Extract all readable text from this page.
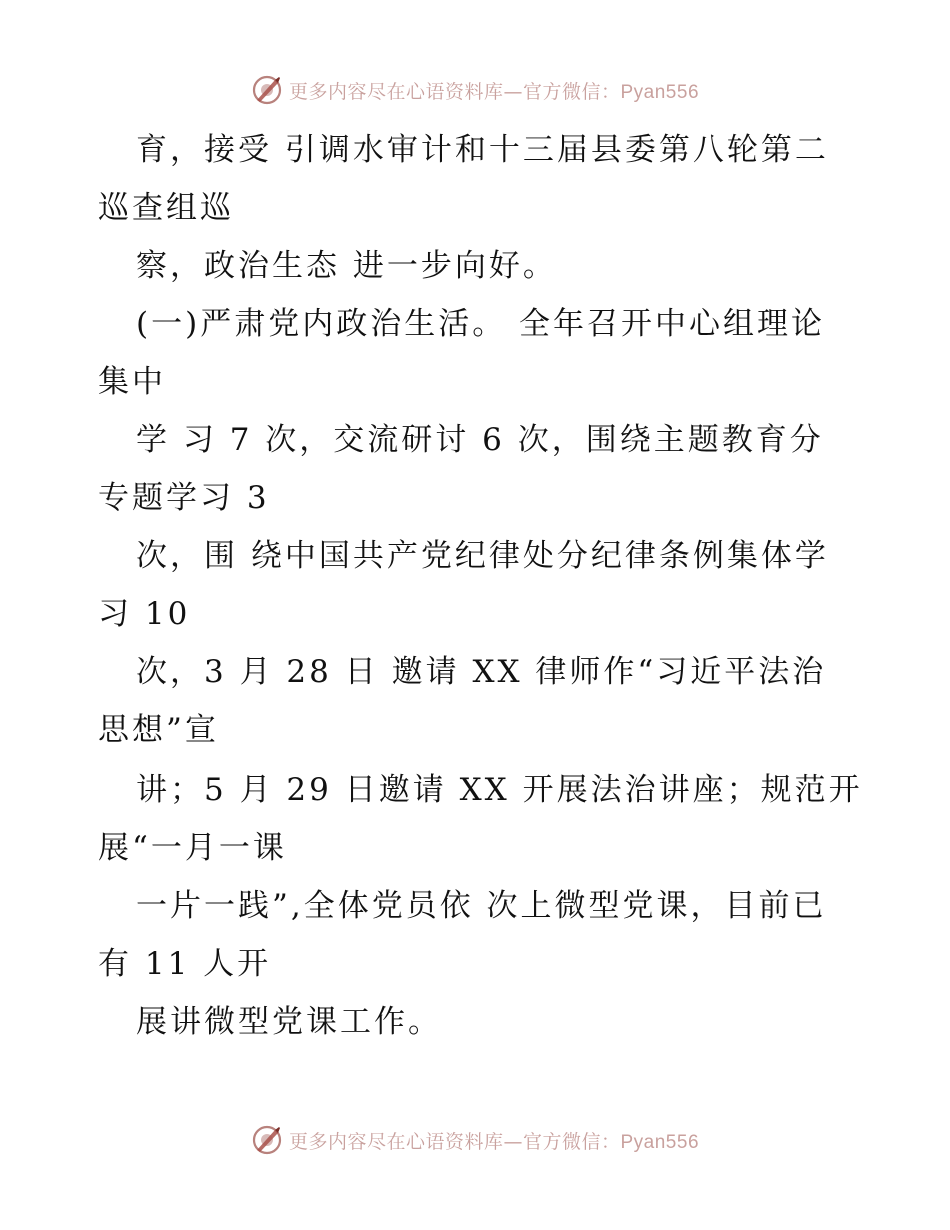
更多内容尽在心语资料库—官方微信：Pyan556
育，接受 引调水审计和十三届县委第八轮第二
巡查组巡
察，政治生态 进一步向好。
(一)严肃党内政治生活。 全年召开中心组理论
集中
学 习 7 次，交流研讨 6 次，围绕主题教育分
专题学习 3
次，围 绕中国共产党纪律处分纪律条例集体学
习 10
次，3 月 28 日 邀请 XX 律师作“习近平法治
思想”宣
讲；5 月 29 日邀请 XX 开展法治讲座；规范开
展“一月一课
一片一践”,全体党员依 次上微型党课，目前已
有 11 人开
展讲微型党课工作。
更多内容尽在心语资料库—官方微信：Pyan556
